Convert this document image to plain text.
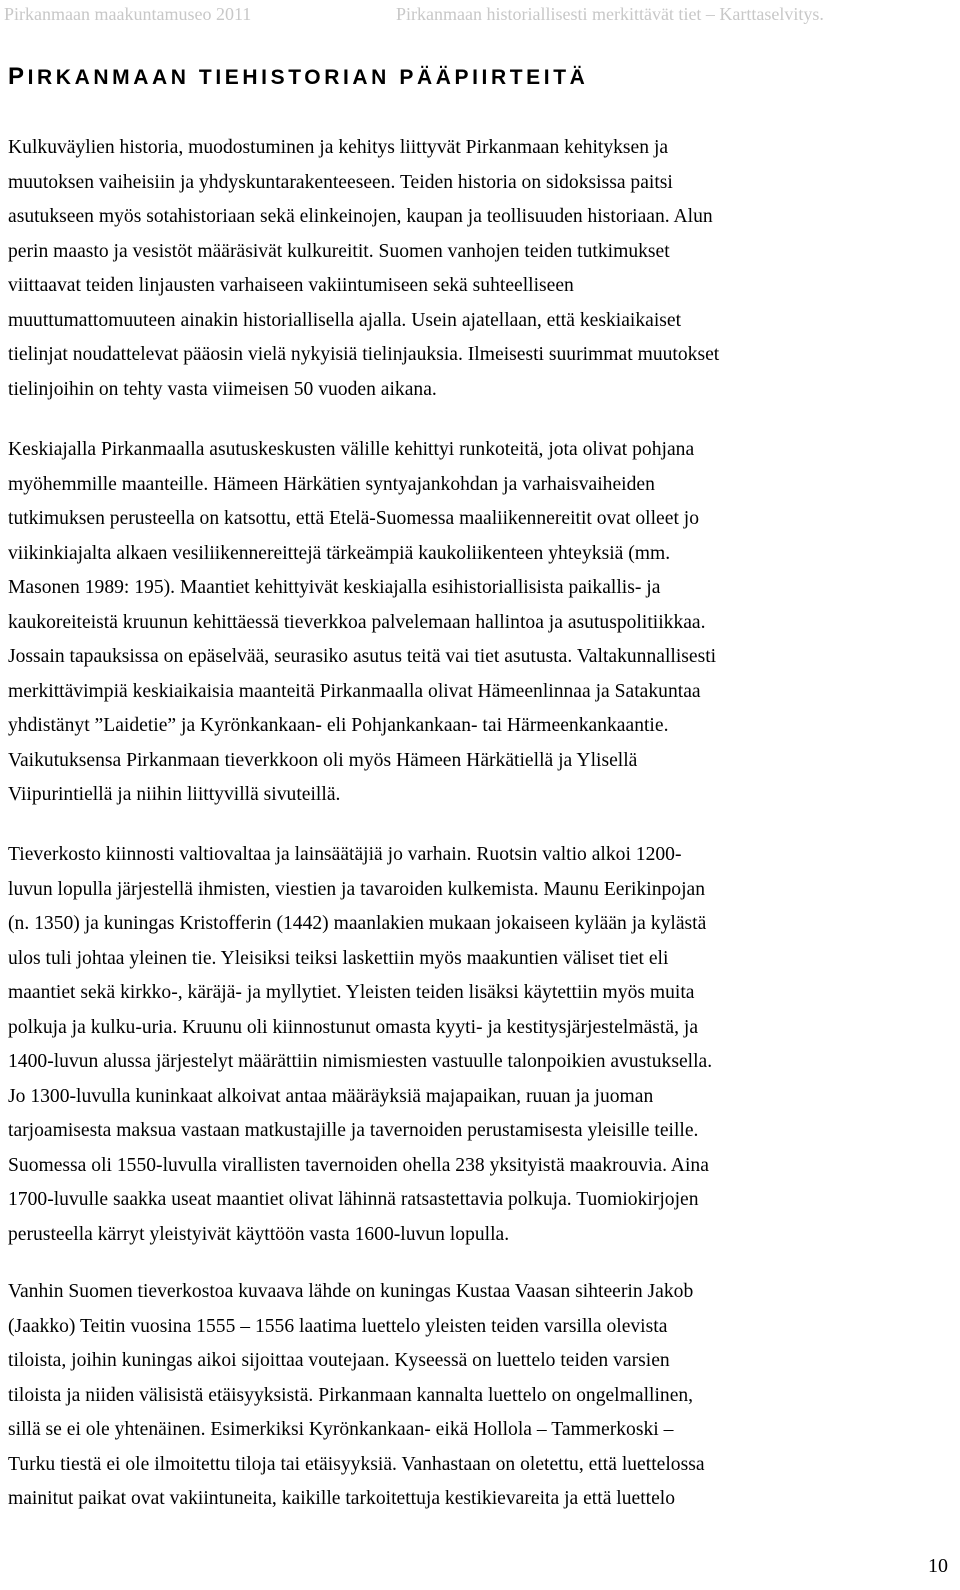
Pirkanmaan maakuntamuseo 2011	Pirkanmaan historiallisesti merkittävät tiet – Karttaselvitys.
PIRKANMAAN TIEHISTORIAN PÄÄPIIRTEITÄ
Kulkuväylien historia, muodostuminen ja kehitys liittyvät Pirkanmaan kehityksen ja
muutoksen vaiheisiin ja yhdyskuntarakenteeseen. Teiden historia on sidoksissa paitsi
asutukseen myös sotahistoriaan sekä elinkeinojen, kaupan ja teollisuuden historiaan. Alun
perin maasto ja vesistöt määräsivät kulkureitit. Suomen vanhojen teiden tutkimukset
viittaavat teiden linjausten varhaiseen vakiintumiseen sekä suhteelliseen
muuttumattomuuteen ainakin historiallisella ajalla. Usein ajatellaan, että keskiaikaiset
tielinjat noudattelevat pääosin vielä nykyisiä tielinjauksia. Ilmeisesti suurimmat muutokset
tielinjoihin on tehty vasta viimeisen 50 vuoden aikana.
Keskiajalla Pirkanmaalla asutuskeskusten välille kehittyi runkoteitä, jota olivat pohjana
myöhemmille maanteille. Hämeen Härkätien syntyajankohdan ja varhaisvaiheiden
tutkimuksen perusteella on katsottu, että Etelä-Suomessa maaliikennereitit ovat olleet jo
viikinkiajalta alkaen vesiliikennereittejä tärkeämpiä kaukoliikenteen yhteyksiä (mm.
Masonen 1989: 195). Maantiet kehittyivät keskiajalla esihistoriallisista paikallis- ja
kaukoreiteistä kruunun kehittäessä tieverkkoa palvelemaan hallintoa ja asutuspolitiikkaa.
Jossain tapauksissa on epäselvää, seurasiko asutus teitä vai tiet asutusta. Valtakunnallisesti
merkittävimpiä keskiaikaisia maanteitä Pirkanmaalla olivat Hämeenlinnaa ja Satakuntaa
yhdistänyt ”Laidetie” ja Kyrönkankaan- eli Pohjankankaan- tai Härmeenkankaantie.
Vaikutuksensa Pirkanmaan tieverkkoon oli myös Hämeen Härkätiellä ja Ylisellä
Viipurintiellä ja niihin liittyvillä sivuteillä.
Tieverkosto kiinnosti valtiovaltaa ja lainsäätäjiä jo varhain. Ruotsin valtio alkoi 1200-
luvun lopulla järjestellä ihmisten, viestien ja tavaroiden kulkemista. Maunu Eerikinpojan
(n. 1350) ja kuningas Kristofferin (1442) maanlakien mukaan jokaiseen kylään ja kylästä
ulos tuli johtaa yleinen tie. Yleisiksi teiksi laskettiin myös maakuntien väliset tiet eli
maantiet sekä kirkko-, käräjä- ja myllytiet. Yleisten teiden lisäksi käytettiin myös muita
polkuja ja kulku-uria. Kruunu oli kiinnostunut omasta kyyti- ja kestitysjärjestelmästä, ja
1400-luvun alussa järjestelyt määrättiin nimismiesten vastuulle talonpoikien avustuksella.
Jo 1300-luvulla kuninkaat alkoivat antaa määräyksiä majapaikan, ruuan ja juoman
tarjoamisesta maksua vastaan matkustajille ja tavernoiden perustamisesta yleisille teille.
Suomessa oli 1550-luvulla virallisten tavernoiden ohella 238 yksityistä maakrouvia. Aina
1700-luvulle saakka useat maantiet olivat lähinnä ratsastettavia polkuja. Tuomiokirjojen
perusteella kärryt yleistyivät käyttöön vasta 1600-luvun lopulla.
Vanhin Suomen tieverkostoa kuvaava lähde on kuningas Kustaa Vaasan sihteerin Jakob
(Jaakko) Teitin vuosina 1555 – 1556 laatima luettelo yleisten teiden varsilla olevista
tiloista, joihin kuningas aikoi sijoittaa voutejaan. Kyseessä on luettelo teiden varsien
tiloista ja niiden välisistä etäisyyksistä. Pirkanmaan kannalta luettelo on ongelmallinen,
sillä se ei ole yhtenäinen. Esimerkiksi Kyrönkankaan- eikä Hollola – Tammerkoski –
Turku tiestä ei ole ilmoitettu tiloja tai etäisyyksiä. Vanhastaan on oletettu, että luettelossa
mainitut paikat ovat vakiintuneita, kaikille tarkoitettuja kestikievareita ja että luettelo
10
